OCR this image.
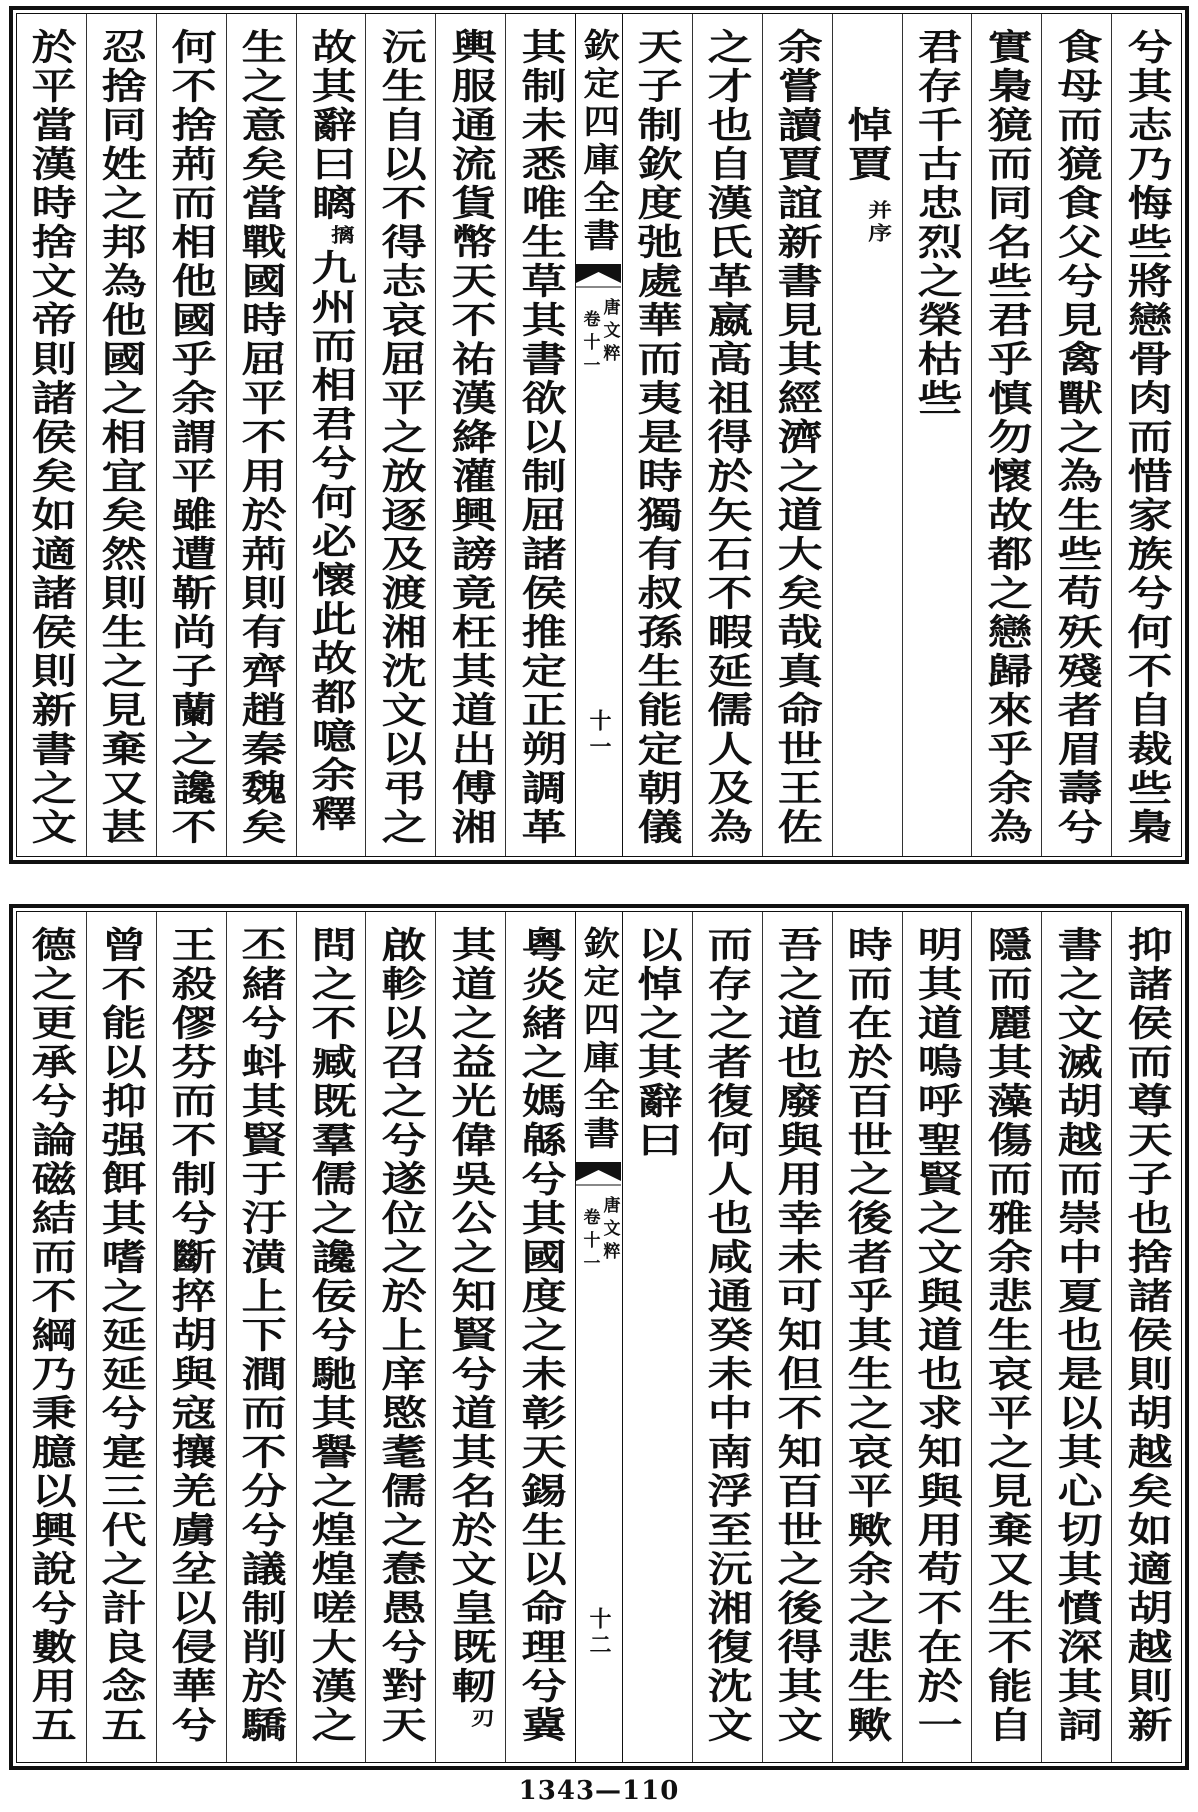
兮其志乃悔些將戀骨肉而惜家族兮何不自裁些梟
食母而獍食父兮見禽獸之為生些苟殀殘者眉壽兮
實梟獍而同名些君乎慎勿懷故都之戀歸來乎余為
君存千古忠烈之榮枯些
悼賈并序
余嘗讀賈誼新書見其經濟之道大矣哉真命世王佐
之才也自漢氏革嬴高祖得於矢石不暇延儒人及為
天子制欽度弛處華而夷是時獨有叔孫生能定朝儀
欽定四庫全書
唐文粹
卷十一
十一
其制未悉唯生草其書欲以制屈諸侯推定正朔調革
輿服通流貨幣天不祐漢絳灌興謗竟枉其道出傅湘
沅生自以不得志哀屈平之放逐及渡湘沈文以弔之
故其辭曰瞝摛九州而相君兮何必懷此故都噫余釋
生之意矣當戰國時屈平不用於荊則有齊趙秦魏矣
何不捨荊而相他國乎余謂平雖遭靳尚子蘭之讒不
忍捨同姓之邦為他國之相宜矣然則生之見棄又甚
於平當漢時捨文帝則諸侯矣如適諸侯則新書之文
抑諸侯而尊天子也捨諸侯則胡越矣如適胡越則新
書之文滅胡越而崇中夏也是以其心切其憤深其詞
隱而麗其藻傷而雅余悲生哀平之見棄又生不能自
明其道嗚呼聖賢之文與道也求知與用苟不在於一
時而在於百世之後者乎其生之哀平歟余之悲生歟
吾之道也廢與用幸未可知但不知百世之後得其文
而存之者復何人也咸通癸未中南浮至沅湘復沈文
以悼之其辭曰
欽定四庫全書
唐文粹
卷十一
十二
粵炎緒之媽緜兮其國度之未彰天錫生以命理兮冀
其道之益光偉吳公之知賢兮道其名於文皇既軔刃
啟軫以召之兮遂位之於上庠愍耄儒之惷愚兮對天
問之不臧既羣儒之讒佞兮馳其譽之煌煌嗟大漢之
丕緒兮蚪其賢于汙潢上下澗而不分兮議制削於驕
王殺僇芬而不制兮斷捽胡與寇攘羌虜坌以侵華兮
曾不能以抑强餌其嗜之延延兮寔三代之計良念五
德之更承兮論磁結而不綱乃秉臆以興說兮數用五
1343—110
